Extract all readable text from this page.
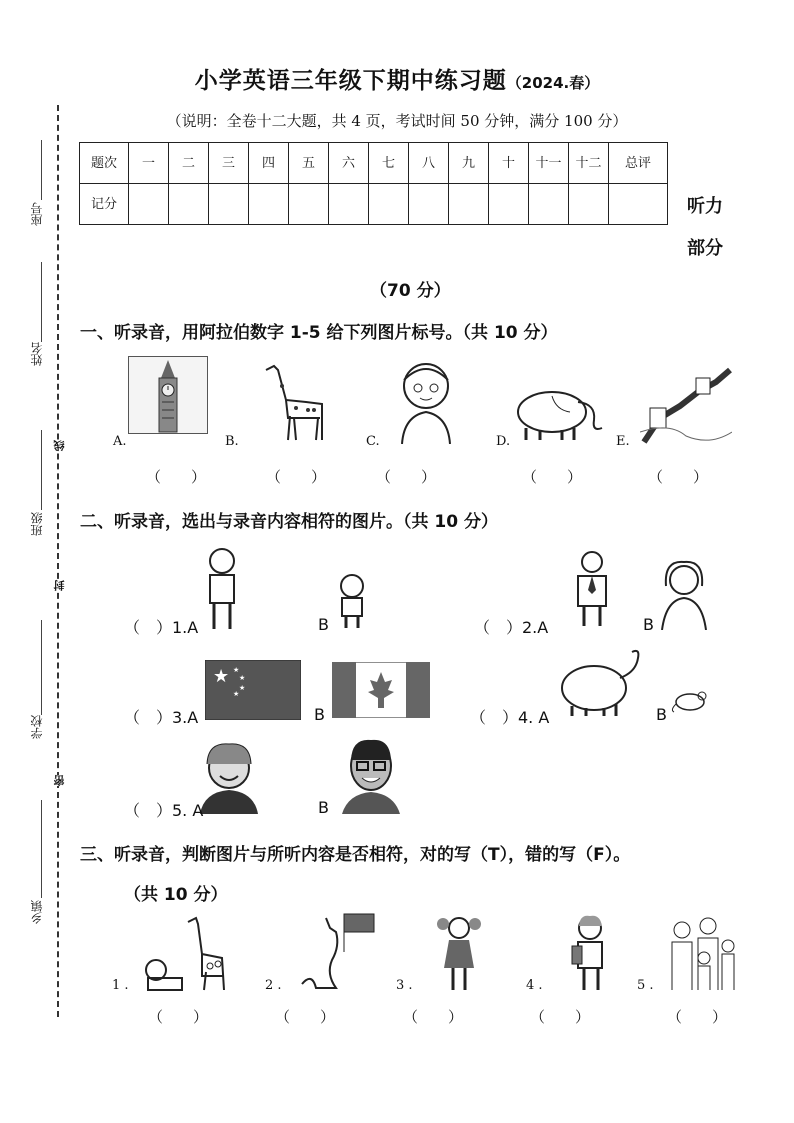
座号
姓名
线
班级
封
学校
密
乡镇
小学英语三年级下期中练习题（2024.春）
（说明：全卷十二大题，共 4 页，考试时间 50 分钟，满分 100 分）
题次	一	二	三	四	五	六	七	八	九	十	十一	十二	总评
记分														听力
部分
（70 分）
一、听录音，用阿拉伯数字 1-5 给下列图片标号。（共 10 分）
A.	B.	C.	D.	E.
（　　）	（　　）	（　　）	（　　）	（　　）
二、听录音，选出与录音内容相符的图片。（共 10 分）
（　）1.A	B	（　）2.A	B
★ ★
★
★
★
（　）3.A	B	（　）4. A	B
（　）5. A	B
三、听录音，判断图片与所听内容是否相符，对的写（T），错的写（F）。
（共 10 分）
1 .	2 .	3 .	4 .	5 .
（　　）	（　　）	（　　）	（　　）	（　　）
